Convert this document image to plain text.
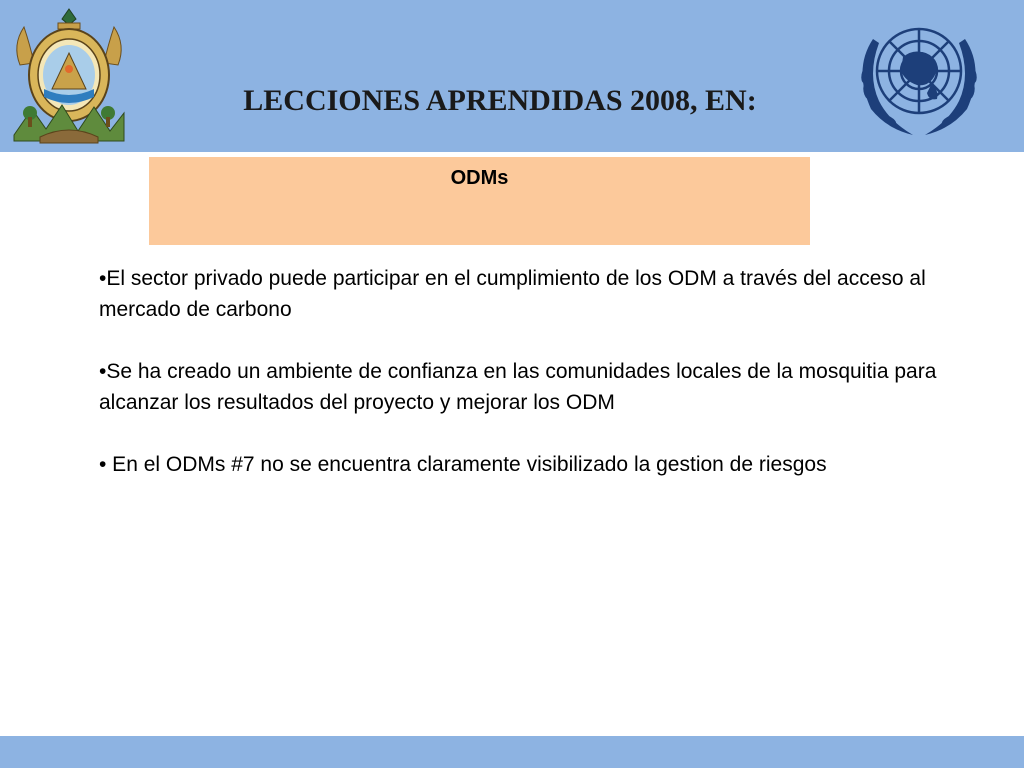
LECCIONES APRENDIDAS 2008, EN:
ODMs

•El sector privado puede participar en el cumplimiento de los ODM a través del acceso al mercado de carbono

•Se ha creado un ambiente de confianza en las comunidades locales de la mosquitia para alcanzar los resultados del proyecto y mejorar los ODM

• En el ODMs #7 no se encuentra claramente visibilizado la gestion de riesgos
